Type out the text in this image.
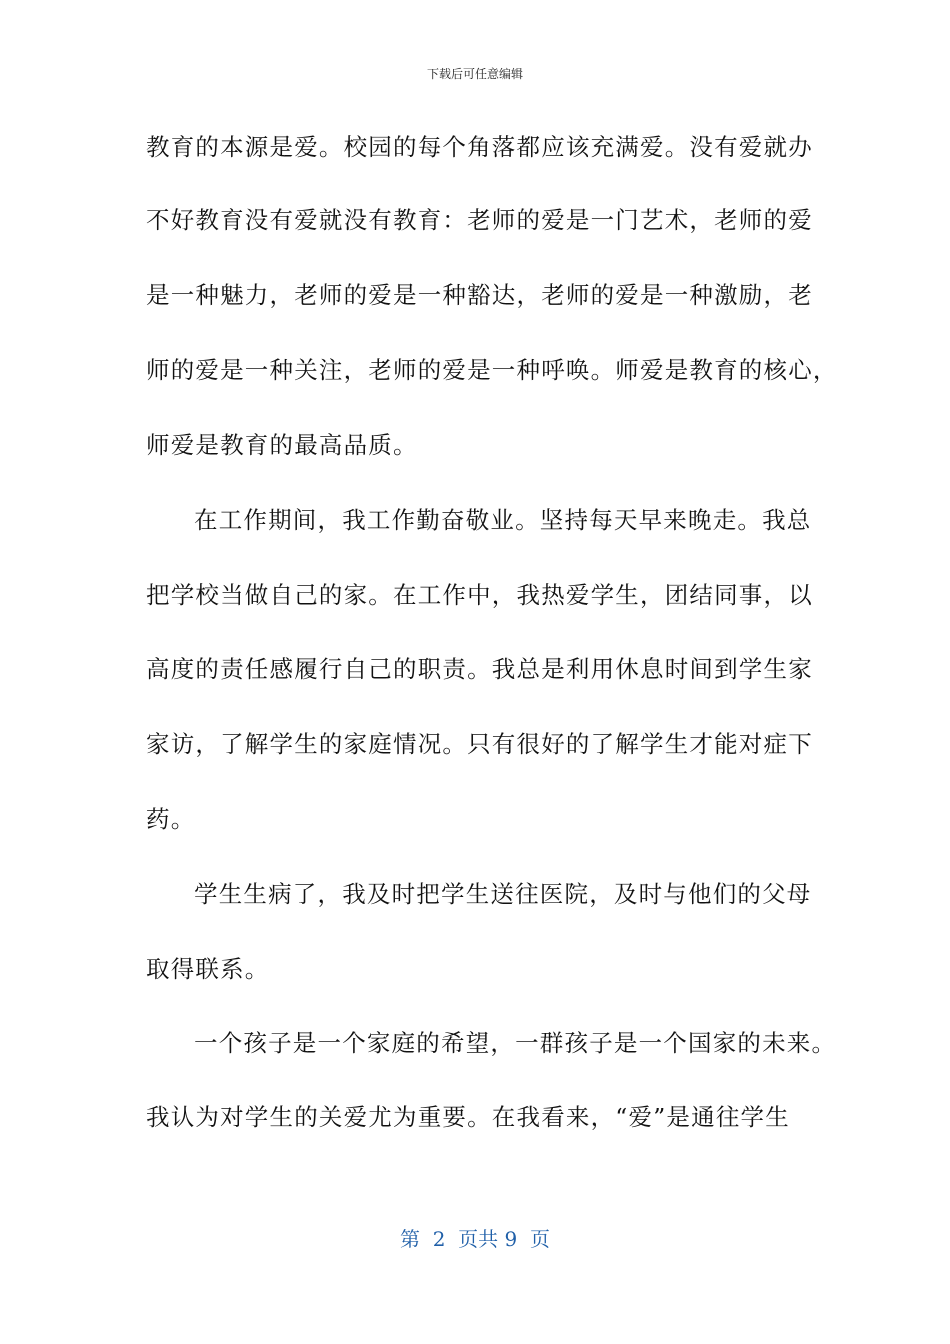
下载后可任意编辑
教育的本源是爱。校园的每个角落都应该充满爱。没有爱就办
不好教育没有爱就没有教育：老师的爱是一门艺术，老师的爱
是一种魅力，老师的爱是一种豁达，老师的爱是一种激励，老
师的爱是一种关注，老师的爱是一种呼唤。师爱是教育的核心，
师爱是教育的最高品质。
在工作期间，我工作勤奋敬业。坚持每天早来晚走。我总
把学校当做自己的家。在工作中，我热爱学生，团结同事，以
高度的责任感履行自己的职责。我总是利用休息时间到学生家
家访，了解学生的家庭情况。只有很好的了解学生才能对症下
药。
学生生病了，我及时把学生送往医院，及时与他们的父母
取得联系。
一个孩子是一个家庭的希望，一群孩子是一个国家的未来。
我认为对学生的关爱尤为重要。在我看来，“爱”是通往学生
第  2  页共 9  页
